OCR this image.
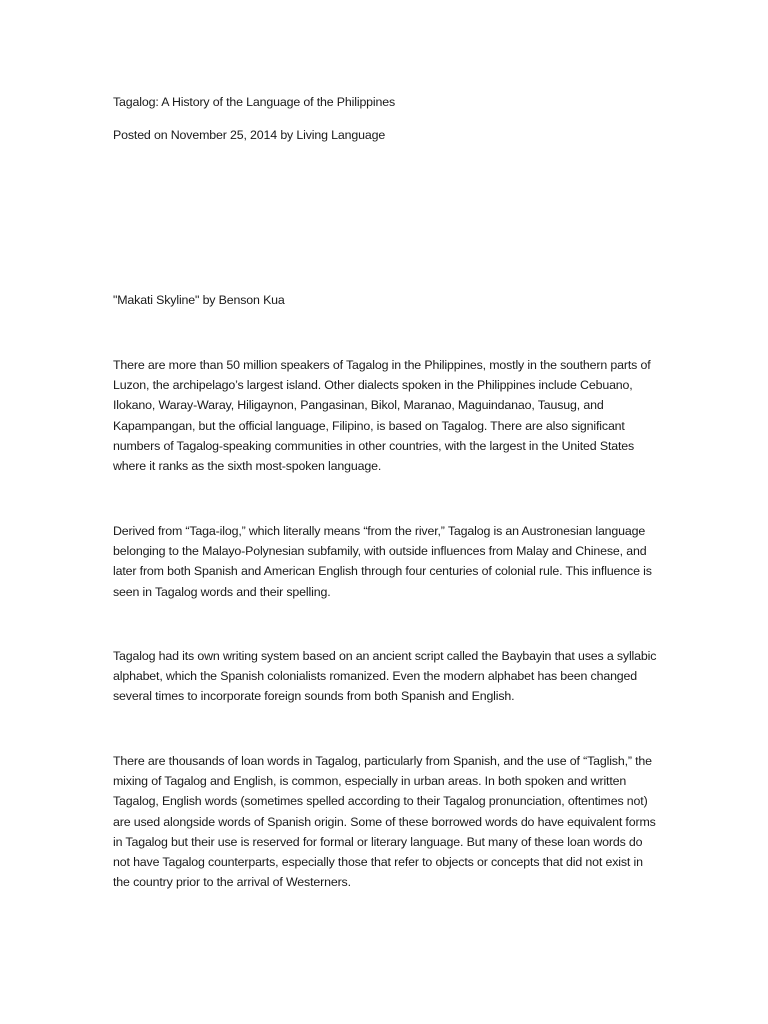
Tagalog: A History of the Language of the Philippines
Posted on November 25, 2014 by Living Language
"Makati Skyline" by Benson Kua

There are more than 50 million speakers of Tagalog in the Philippines, mostly in the southern parts of Luzon, the archipelago’s largest island. Other dialects spoken in the Philippines include Cebuano, Ilokano, Waray-Waray, Hiligaynon, Pangasinan, Bikol, Maranao, Maguindanao, Tausug, and Kapampangan, but the official language, Filipino, is based on Tagalog. There are also significant numbers of Tagalog-speaking communities in other countries, with the largest in the United States where it ranks as the sixth most-spoken language.

Derived from “Taga-ilog,” which literally means “from the river,” Tagalog is an Austronesian language belonging to the Malayo-Polynesian subfamily, with outside influences from Malay and Chinese, and later from both Spanish and American English through four centuries of colonial rule. This influence is seen in Tagalog words and their spelling.

Tagalog had its own writing system based on an ancient script called the Baybayin that uses a syllabic alphabet, which the Spanish colonialists romanized. Even the modern alphabet has been changed several times to incorporate foreign sounds from both Spanish and English.

There are thousands of loan words in Tagalog, particularly from Spanish, and the use of “Taglish,” the mixing of Tagalog and English, is common, especially in urban areas. In both spoken and written Tagalog, English words (sometimes spelled according to their Tagalog pronunciation, oftentimes not) are used alongside words of Spanish origin. Some of these borrowed words do have equivalent forms in Tagalog but their use is reserved for formal or literary language. But many of these loan words do not have Tagalog counterparts, especially those that refer to objects or concepts that did not exist in the country prior to the arrival of Westerners.
